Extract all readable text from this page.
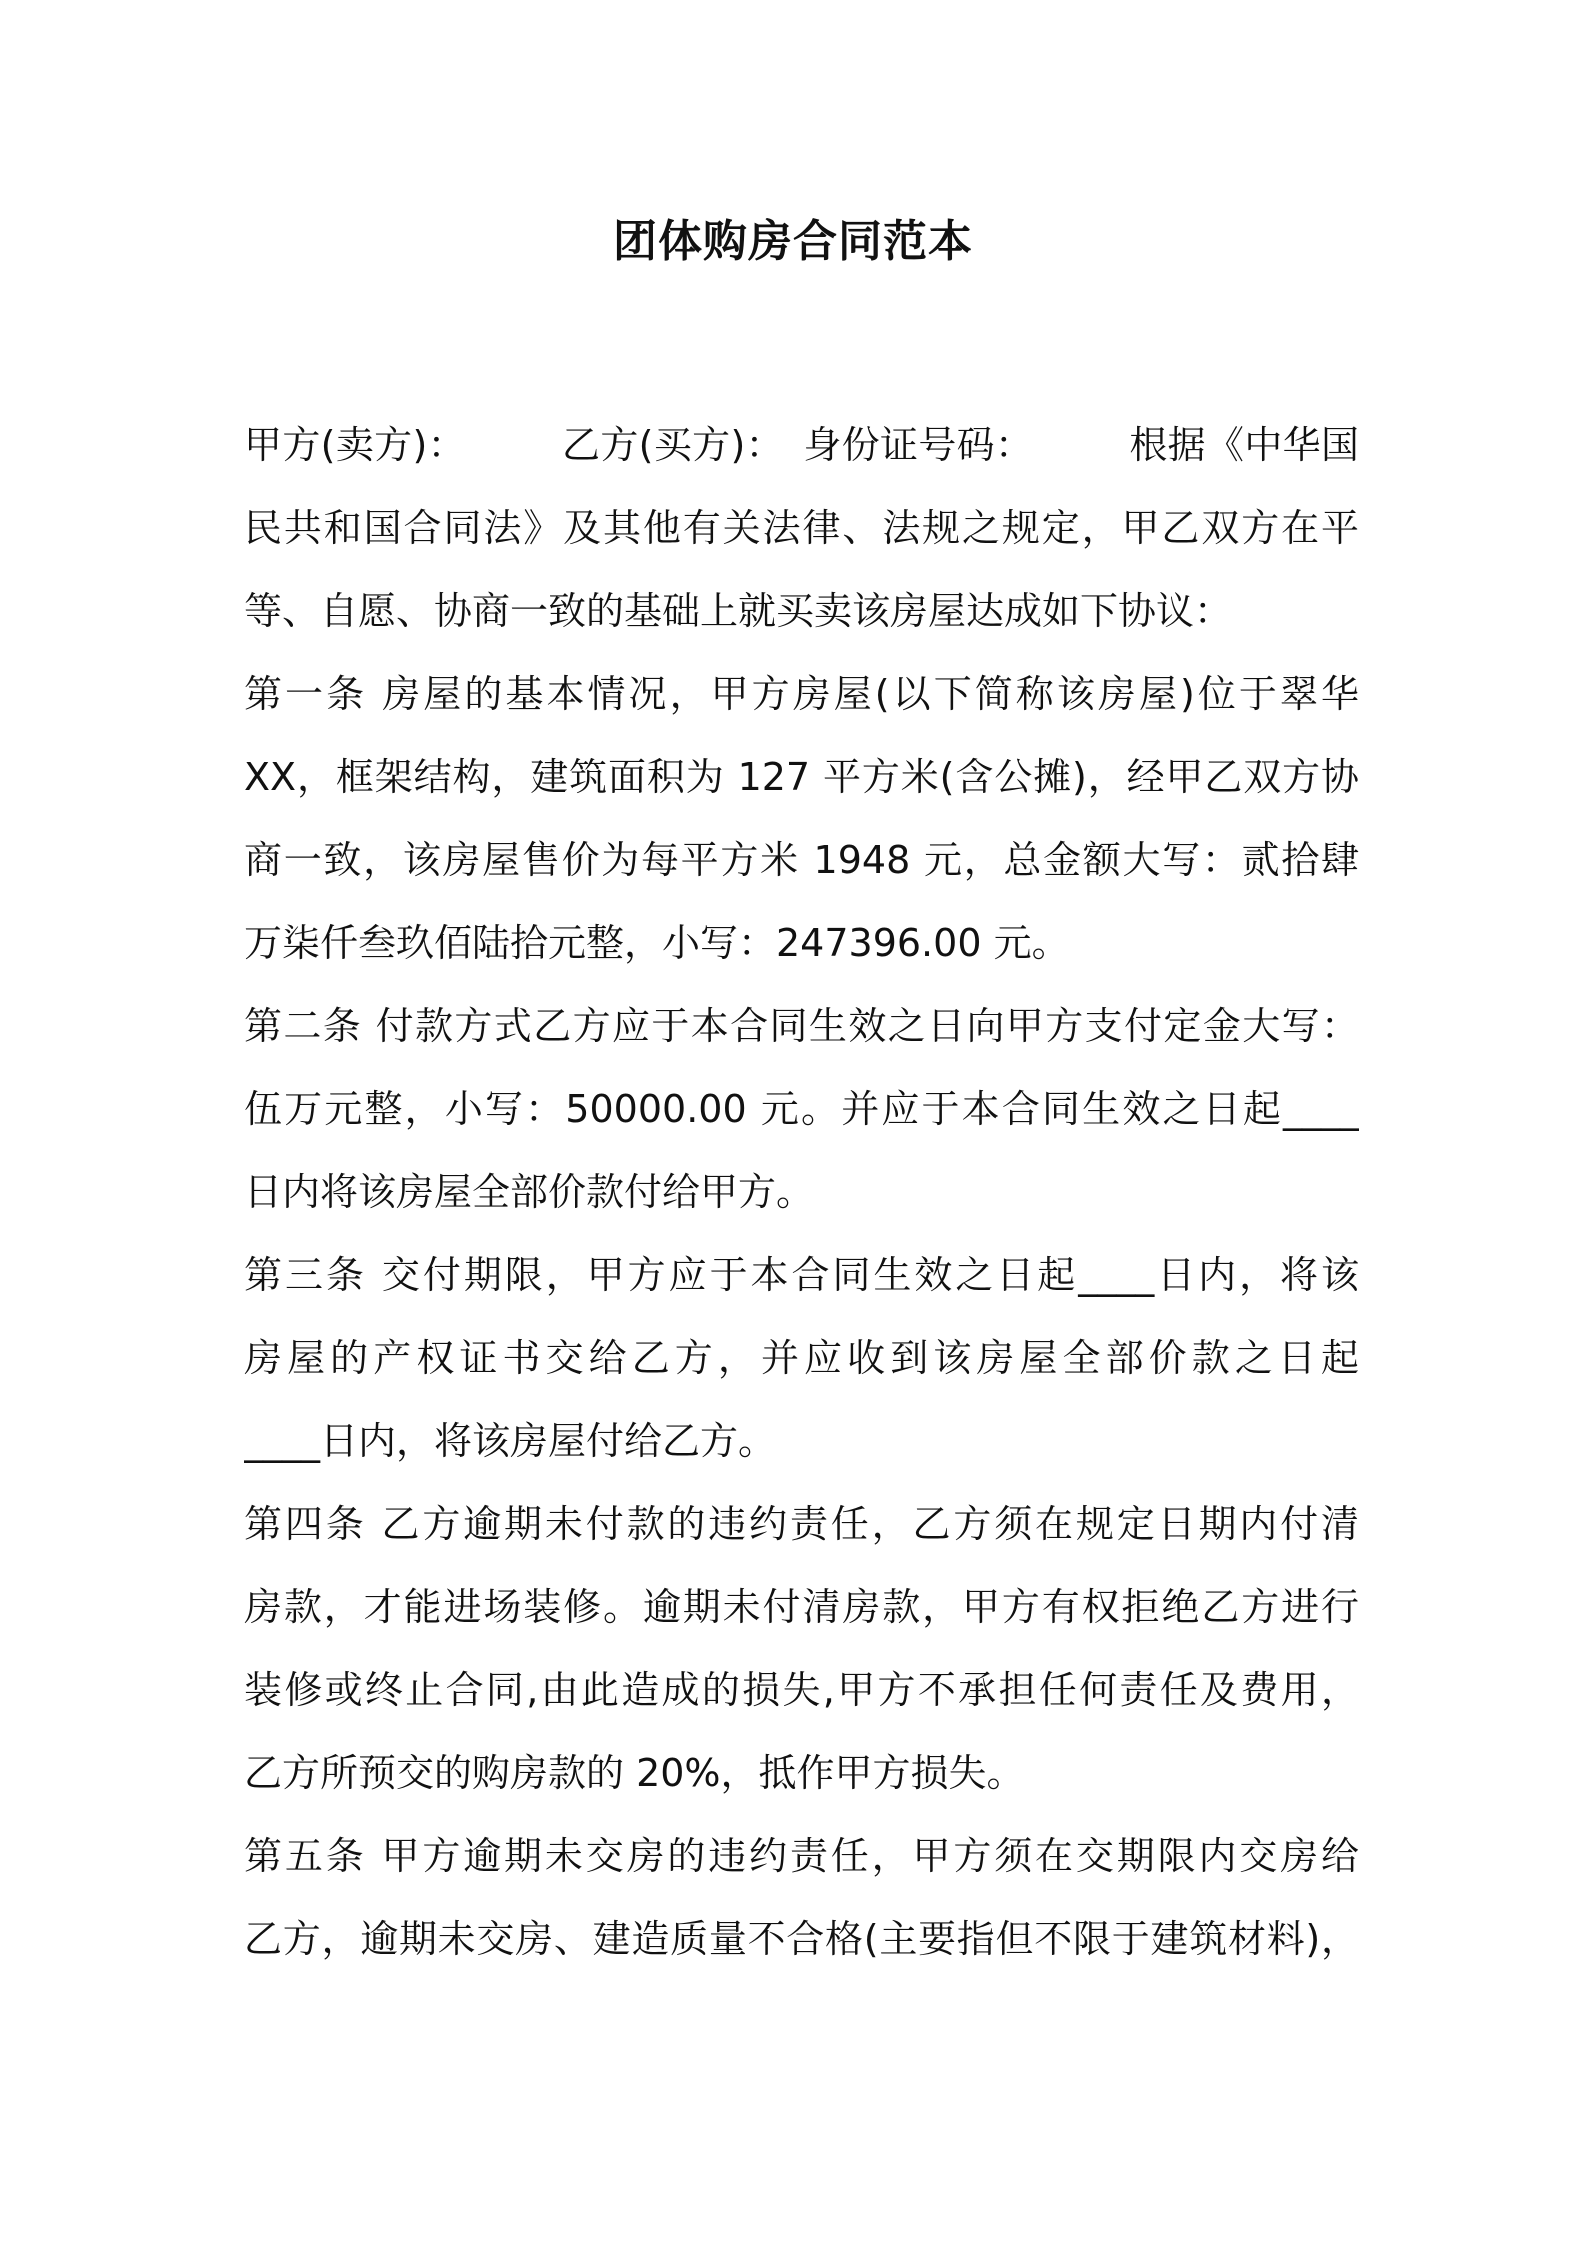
团体购房合同范本
甲方(卖方)：　　　乙方(买方)：　身份证号码：　　　根据《中华国
民共和国合同法》及其他有关法律、法规之规定，甲乙双方在平
等、自愿、协商一致的基础上就买卖该房屋达成如下协议：
第一条 房屋的基本情况，甲方房屋(以下简称该房屋)位于翠华
XX，框架结构，建筑面积为 127 平方米(含公摊)，经甲乙双方协
商一致，该房屋售价为每平方米 1948 元，总金额大写：贰拾肆
万柒仟叁玖佰陆拾元整，小写：247396.00 元。
第二条 付款方式乙方应于本合同生效之日向甲方支付定金大写：
伍万元整，小写：50000.00 元。并应于本合同生效之日起____
日内将该房屋全部价款付给甲方。
第三条 交付期限，甲方应于本合同生效之日起____日内，将该
房屋的产权证书交给乙方，并应收到该房屋全部价款之日起
____日内，将该房屋付给乙方。
第四条 乙方逾期未付款的违约责任，乙方须在规定日期内付清
房款，才能进场装修。逾期未付清房款，甲方有权拒绝乙方进行
装修或终止合同,由此造成的损失,甲方不承担任何责任及费用，
乙方所预交的购房款的 20%，抵作甲方损失。
第五条 甲方逾期未交房的违约责任，甲方须在交期限内交房给
乙方，逾期未交房、建造质量不合格(主要指但不限于建筑材料)，
